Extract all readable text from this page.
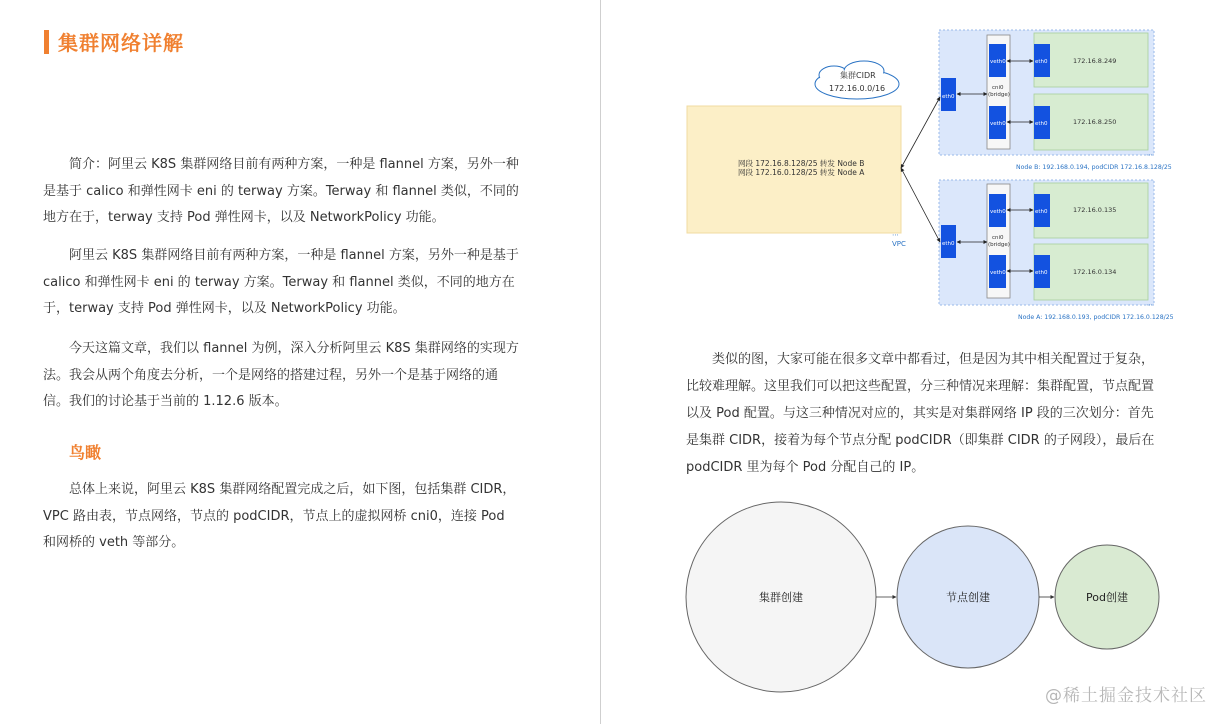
集群网络详解

简介：阿里云 K8S 集群网络目前有两种方案，一种是 flannel 方案，另外一种是基于 calico 和弹性网卡 eni 的 terway 方案。Terway 和 flannel 类似，不同的地方在于，terway 支持 Pod 弹性网卡，以及 NetworkPolicy 功能。

阿里云 K8S 集群网络目前有两种方案，一种是 flannel 方案，另外一种是基于 calico 和弹性网卡 eni 的 terway 方案。Terway 和 flannel 类似，不同的地方在于，terway 支持 Pod 弹性网卡，以及 NetworkPolicy 功能。

今天这篇文章，我们以 flannel 为例，深入分析阿里云 K8S 集群网络的实现方法。我会从两个角度去分析，一个是网络的搭建过程，另外一个是基于网络的通信。我们的讨论基于当前的 1.12.6 版本。

鸟瞰

总体上来说，阿里云 K8S 集群网络配置完成之后，如下图，包括集群 CIDR，VPC 路由表，节点网络，节点的 podCIDR，节点上的虚拟网桥 cni0，连接 Pod 和网桥的 veth 等部分。

网段 172.16.8.128/25 转发 Node B
网段 172.16.0.128/25 转发 Node A
VPC
⋯
集群CIDR
172.16.0.0/16
⋯
Node B: 192.168.0.194, podCIDR 172.16.8.128/25
eth0
cni0
(bridge)
veth0
veth0
eth0	172.16.8.249
eth0	172.16.8.250
⋯
Node A: 192.168.0.193, podCIDR 172.16.0.128/25
eth0
cni0
(bridge)
veth0
veth0
eth0	172.16.0.135
eth0	172.16.0.134

类似的图，大家可能在很多文章中都看过，但是因为其中相关配置过于复杂，比较难理解。这里我们可以把这些配置，分三种情况来理解：集群配置，节点配置以及 Pod 配置。与这三种情况对应的，其实是对集群网络 IP 段的三次划分：首先是集群 CIDR，接着为每个节点分配 podCIDR（即集群 CIDR 的子网段），最后在 podCIDR 里为每个 Pod 分配自己的 IP。

集群创建	节点创建	Pod创建
@稀土掘金技术社区
